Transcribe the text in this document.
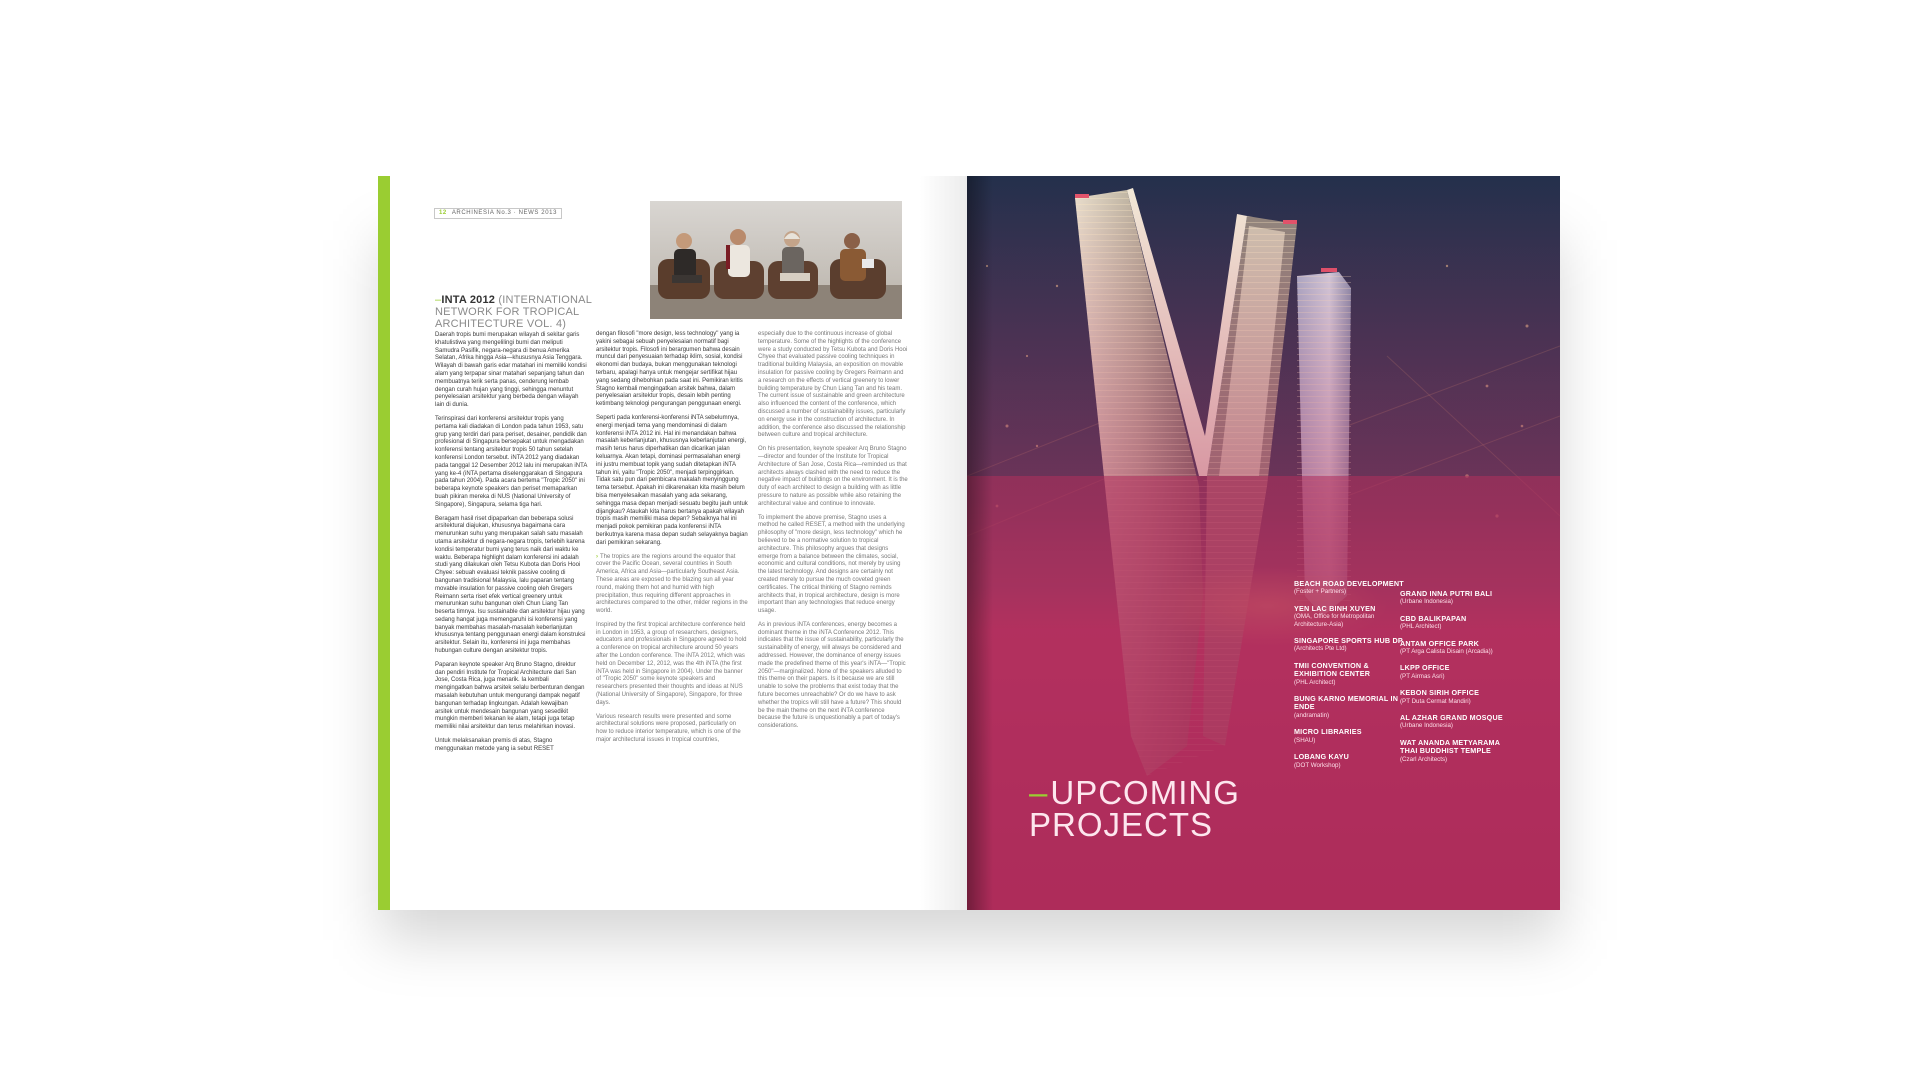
12 ARCHINESIA No.3 · NEWS 2013
–INTA 2012 (INTERNATIONAL NETWORK FOR TROPICAL ARCHITECTURE VOL. 4)

Daerah tropis bumi merupakan wilayah di sekitar garis khatulistiwa yang mengelilingi bumi dan meliputi Samudra Pasifik, negara-negara di benua Amerika Selatan, Afrika hingga Asia—khususnya Asia Tenggara. Wilayah di bawah garis edar matahari ini memiliki kondisi alam yang terpapar sinar matahari sepanjang tahun dan membuatnya terik serta panas, cenderung lembab dengan curah hujan yang tinggi, sehingga menuntut penyelesaian arsitektur yang berbeda dengan wilayah lain di dunia.

Terinspirasi dari konferensi arsitektur tropis yang pertama kali diadakan di London pada tahun 1953, satu grup yang terdiri dari para periset, desainer, pendidik dan profesional di Singapura bersepakat untuk mengadakan konferensi tentang arsitektur tropis 50 tahun setelah konferensi London tersebut. iNTA 2012 yang diadakan pada tanggal 12 Desember 2012 lalu ini merupakan iNTA yang ke-4 (iNTA pertama diselenggarakan di Singapura pada tahun 2004). Pada acara bertema "Tropic 2050" ini beberapa keynote speakers dan periset memaparkan buah pikiran mereka di NUS (National University of Singapore), Singapura, selama tiga hari.

Beragam hasil riset dipaparkan dan beberapa solusi arsitektural diajukan, khususnya bagaimana cara menurunkan suhu yang merupakan salah satu masalah utama arsitektur di negara-negara tropis, terlebih karena kondisi temperatur bumi yang terus naik dari waktu ke waktu. Beberapa highlight dalam konferensi ini adalah studi yang dilakukan oleh Tetsu Kubota dan Doris Hooi Chyee: sebuah evaluasi teknik passive cooling di bangunan tradisional Malaysia, lalu paparan tentang movable insulation for passive cooling oleh Gregers Reimann serta riset efek vertical greenery untuk menurunkan suhu bangunan oleh Chun Liang Tan beserta timnya. Isu sustainable dan arsitektur hijau yang sedang hangat juga memengaruhi isi konferensi yang banyak membahas masalah-masalah keberlanjutan khususnya tentang penggunaan energi dalam konstruksi arsitektur. Selain itu, konferensi ini juga membahas hubungan culture dengan arsitektur tropis.

Paparan keynote speaker Arq Bruno Stagno, direktur dan pendiri Institute for Tropical Architecture dari San Jose, Costa Rica, juga menarik. Ia kembali mengingatkan bahwa arsitek selalu berbenturan dengan masalah kebutuhan untuk mengurangi dampak negatif bangunan terhadap lingkungan. Adalah kewajiban arsitek untuk mendesain bangunan yang sesedikit mungkin memberi tekanan ke alam, tetapi juga tetap memiliki nilai arsitektur dan terus melahirkan inovasi.

Untuk melaksanakan premis di atas, Stagno menggunakan metode yang ia sebut RESET

dengan filosofi "more design, less technology" yang ia yakini sebagai sebuah penyelesaian normatif bagi arsitektur tropis. Filosofi ini berargumen bahwa desain muncul dari penyesuaian terhadap iklim, sosial, kondisi ekonomi dan budaya, bukan menggunakan teknologi terbaru, apalagi hanya untuk mengejar sertifikat hijau yang sedang dihebohkan pada saat ini. Pemikiran kritis Stagno kembali mengingatkan arsitek bahwa, dalam penyelesaian arsitektur tropis, desain lebih penting ketimbang teknologi pengurangan penggunaan energi.

Seperti pada konferensi-konferensi iNTA sebelumnya, energi menjadi tema yang mendominasi di dalam konferensi iNTA 2012 ini. Hal ini menandakan bahwa masalah keberlanjutan, khususnya keberlanjutan energi, masih terus harus diperhatikan dan dicarikan jalan keluarnya. Akan tetapi, dominasi permasalahan energi ini justru membuat topik yang sudah ditetapkan iNTA tahun ini, yaitu "Tropic 2050", menjadi terpinggirkan. Tidak satu pun dari pembicara makalah menyinggung tema tersebut. Apakah ini dikarenakan kita masih belum bisa menyelesaikan masalah yang ada sekarang, sehingga masa depan menjadi sesuatu begitu jauh untuk dijangkau? Ataukah kita harus bertanya apakah wilayah tropis masih memiliki masa depan? Sebaiknya hal ini menjadi pokok pemikiran pada konferensi iNTA berikutnya karena masa depan sudah selayaknya bagian dari pemikiran sekarang.

› The tropics are the regions around the equator that cover the Pacific Ocean, several countries in South America, Africa and Asia—particularly Southeast Asia. These areas are exposed to the blazing sun all year round, making them hot and humid with high precipitation, thus requiring different approaches in architectures compared to the other, milder regions in the world.

Inspired by the first tropical architecture conference held in London in 1953, a group of researchers, designers, educators and professionals in Singapore agreed to hold a conference on tropical architecture around 50 years after the London conference. The iNTA 2012, which was held on December 12, 2012, was the 4th iNTA (the first iNTA was held in Singapore in 2004). Under the banner of "Tropic 2050" some keynote speakers and researchers presented their thoughts and ideas at NUS (National University of Singapore), Singapore, for three days.

Various research results were presented and some architectural solutions were proposed, particularly on how to reduce interior temperature, which is one of the major architectural issues in tropical countries,

especially due to the continuous increase of global temperature. Some of the highlights of the conference were a study conducted by Tetsu Kubota and Doris Hooi Chyee that evaluated passive cooling techniques in traditional building Malaysia, an exposition on movable insulation for passive cooling by Gregers Reimann and a research on the effects of vertical greenery to lower building temperature by Chun Liang Tan and his team. The current issue of sustainable and green architecture also influenced the content of the conference, which discussed a number of sustainability issues, particularly on energy use in the construction of architecture. In addition, the conference also discussed the relationship between culture and tropical architecture.

On his presentation, keynote speaker Arq Bruno Stagno—director and founder of the Institute for Tropical Architecture of San Jose, Costa Rica—reminded us that architects always clashed with the need to reduce the negative impact of buildings on the environment. It is the duty of each architect to design a building with as little pressure to nature as possible while also retaining the architectural value and continue to innovate.

To implement the above premise, Stagno uses a method he called RESET, a method with the underlying philosophy of "more design, less technology" which he believed to be a normative solution to tropical architecture. This philosophy argues that designs emerge from a balance between the climates, social, economic and cultural conditions, not merely by using the latest technology. And designs are certainly not created merely to pursue the much coveted green certificates. The critical thinking of Stagno reminds architects that, in tropical architecture, design is more important than any technologies that reduce energy usage.

As in previous iNTA conferences, energy becomes a dominant theme in the iNTA Conference 2012. This indicates that the issue of sustainability, particularly the sustainability of energy, will always be considered and addressed. However, the dominance of energy issues made the predefined theme of this year's iNTA—"Tropic 2050"—marginalized. None of the speakers alluded to this theme on their papers. Is it because we are still unable to solve the problems that exist today that the future becomes unreachable? Or do we have to ask whether the tropics will still have a future? This should be the main theme on the next iNTA conference because the future is unquestionably a part of today's considerations.

–UPCOMING
PROJECTS
BEACH ROAD DEVELOPMENT
(Foster + Partners)
YEN LAC BINH XUYEN
(OMA, Office for Metropolitan Architecture-Asia)
SINGAPORE SPORTS HUB DP
(Architects Pte Ltd)
TMII CONVENTION & EXHIBITION CENTER
(PHL Architect)
BUNG KARNO MEMORIAL IN ENDE
(andramatin)
MICRO LIBRARIES
(SHAU)
LOBANG KAYU
(DOT Workshop)
GRAND INNA PUTRI BALI
(Urbane Indonesia)
CBD BALIKPAPAN
(PHL Architect)
ANTAM OFFICE PARK
(PT Arga Calista Disain (Arcadia))
LKPP OFFICE
(PT Airmas Asri)
KEBON SIRIH OFFICE
(PT Duta Cermat Mandiri)
AL AZHAR GRAND MOSQUE
(Urbane Indonesia)
WAT ANANDA METYARAMA THAI BUDDHIST TEMPLE
(Czarl Architects)
